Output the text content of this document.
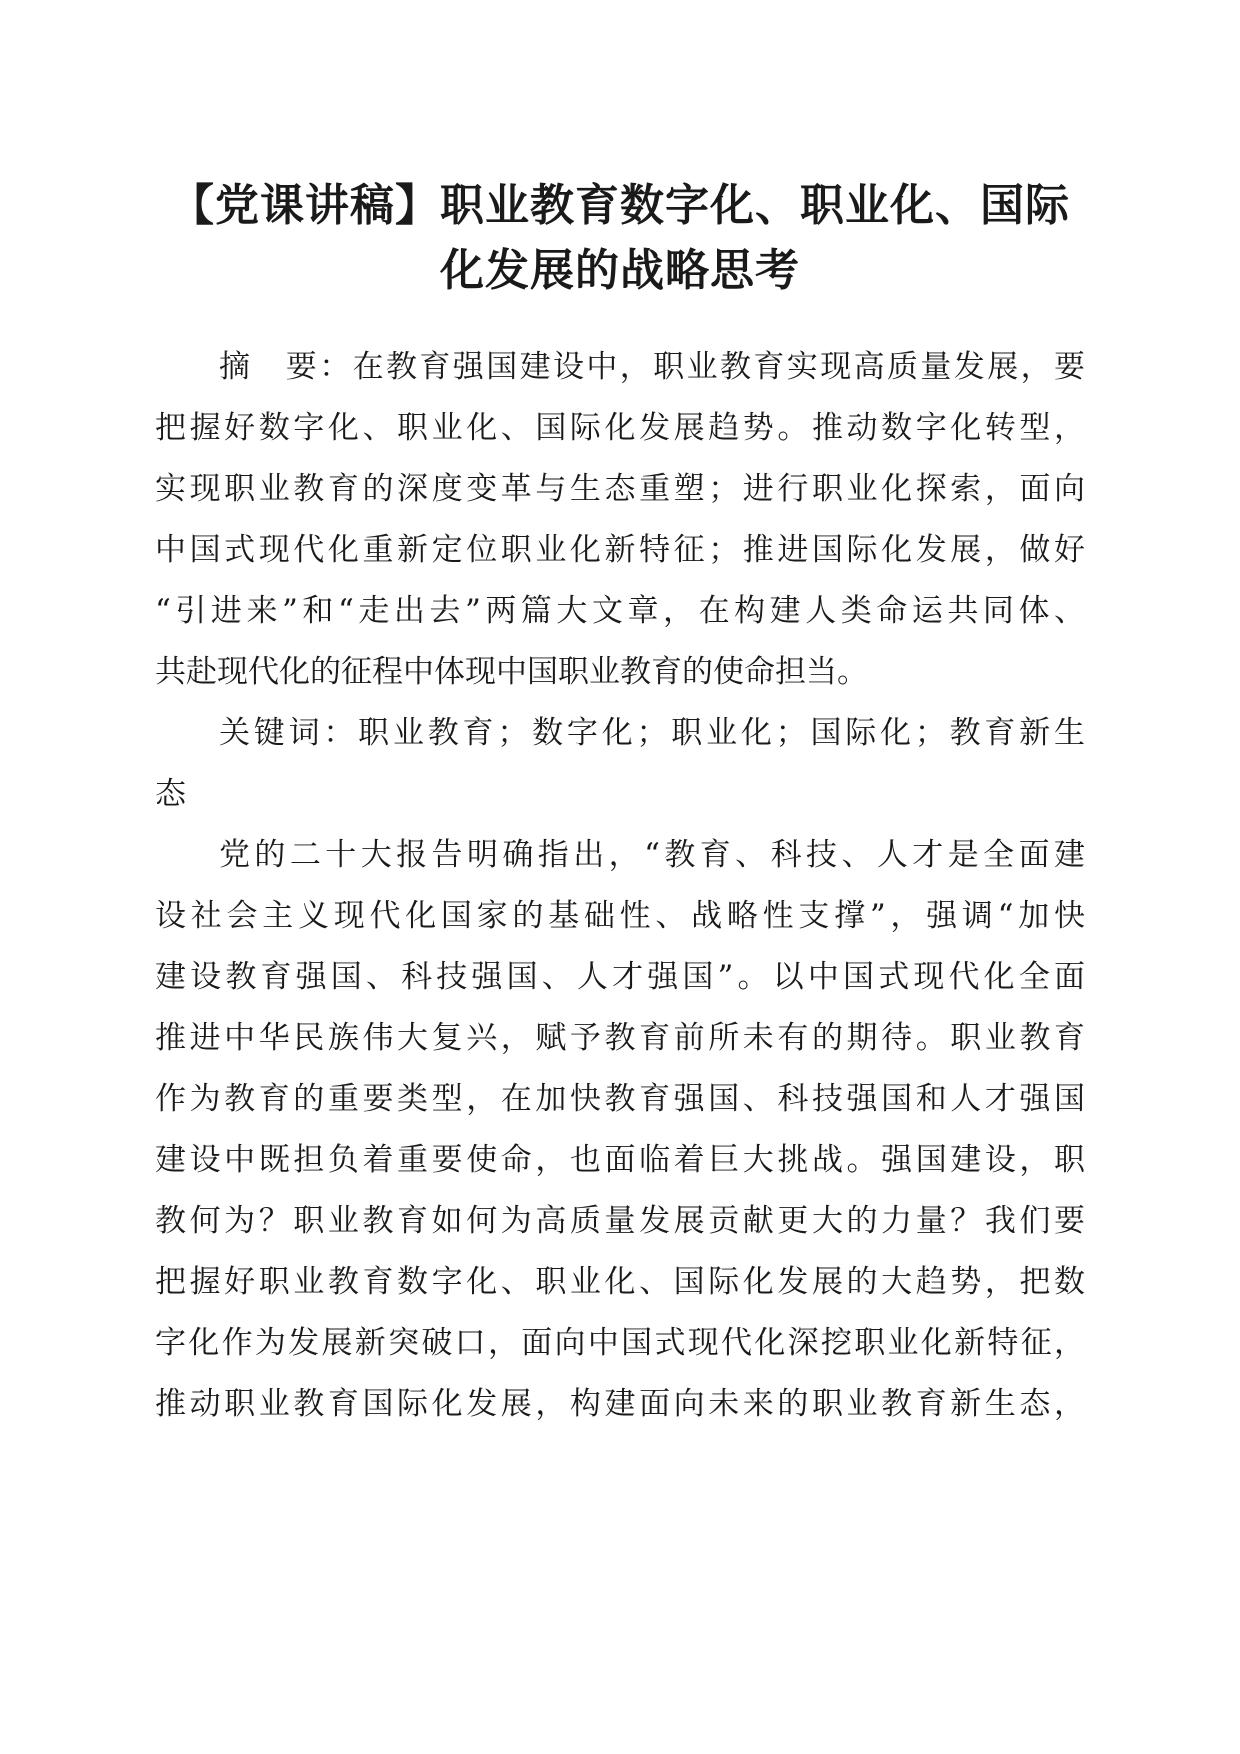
【党课讲稿】职业教育数字化、职业化、国际
化发展的战略思考
摘　要：在教育强国建设中，职业教育实现高质量发展，要
把握好数字化、职业化、国际化发展趋势。推动数字化转型，
实现职业教育的深度变革与生态重塑；进行职业化探索，面向
中国式现代化重新定位职业化新特征；推进国际化发展，做好
“引进来”和“走出去”两篇大文章，在构建人类命运共同体、
共赴现代化的征程中体现中国职业教育的使命担当。
关键词：职业教育；数字化；职业化；国际化；教育新生
态
党的二十大报告明确指出，“教育、科技、人才是全面建
设社会主义现代化国家的基础性、战略性支撑”，强调“加快
建设教育强国、科技强国、人才强国”。以中国式现代化全面
推进中华民族伟大复兴，赋予教育前所未有的期待。职业教育
作为教育的重要类型，在加快教育强国、科技强国和人才强国
建设中既担负着重要使命，也面临着巨大挑战。强国建设，职
教何为？职业教育如何为高质量发展贡献更大的力量？我们要
把握好职业教育数字化、职业化、国际化发展的大趋势，把数
字化作为发展新突破口，面向中国式现代化深挖职业化新特征，
推动职业教育国际化发展，构建面向未来的职业教育新生态，
